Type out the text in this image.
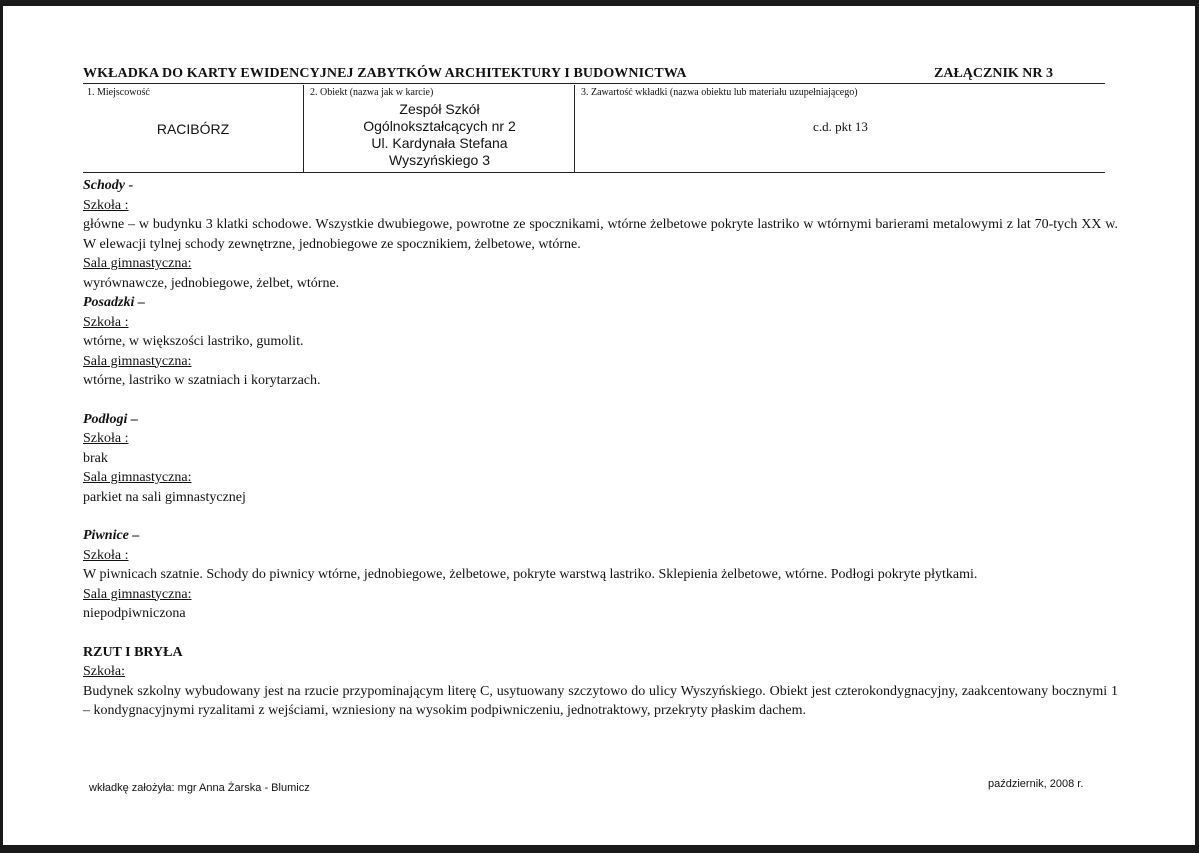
WKŁADKA DO KARTY EWIDENCYJNEJ ZABYTKÓW ARCHITEKTURY I BUDOWNICTWA	ZAŁĄCZNIK NR 3
1. Miejscowość
RACIBÓRZ
2. Obiekt (nazwa jak w karcie)
Zespół Szkół
Ogólnokształcących nr 2
Ul. Kardynała Stefana
Wyszyńskiego 3
3. Zawartość wkładki (nazwa obiektu lub materiału uzupełniającego)
c.d. pkt 13

Schody -

Szkoła :

główne – w budynku 3 klatki schodowe. Wszystkie dwubiegowe, powrotne ze spocznikami, wtórne żelbetowe pokryte lastriko w wtórnymi barierami metalowymi z lat 70-tych XX w. W elewacji tylnej schody zewnętrzne, jednobiegowe ze spocznikiem, żelbetowe, wtórne.

Sala gimnastyczna:

wyrównawcze, jednobiegowe, żelbet, wtórne.

Posadzki –

Szkoła :

wtórne, w większości lastriko, gumolit.

Sala gimnastyczna:

wtórne, lastriko w szatniach i korytarzach.

Podłogi –

Szkoła :

brak

Sala gimnastyczna:

parkiet na sali gimnastycznej

Piwnice –

Szkoła :

W piwnicach szatnie. Schody do piwnicy wtórne, jednobiegowe, żelbetowe, pokryte warstwą lastriko. Sklepienia żelbetowe, wtórne. Podłogi pokryte płytkami.

Sala gimnastyczna:

niepodpiwniczona

RZUT I BRYŁA

Szkoła:

Budynek szkolny wybudowany jest na rzucie przypominającym literę C, usytuowany szczytowo do ulicy Wyszyńskiego. Obiekt jest czterokondygnacyjny, zaakcentowany bocznymi 1 – kondygnacyjnymi ryzalitami z wejściami, wzniesiony na wysokim podpiwniczeniu, jednotraktowy, przekryty płaskim dachem.

wkładkę założyła: mgr Anna Żarska - Blumicz	październik, 2008 r.
